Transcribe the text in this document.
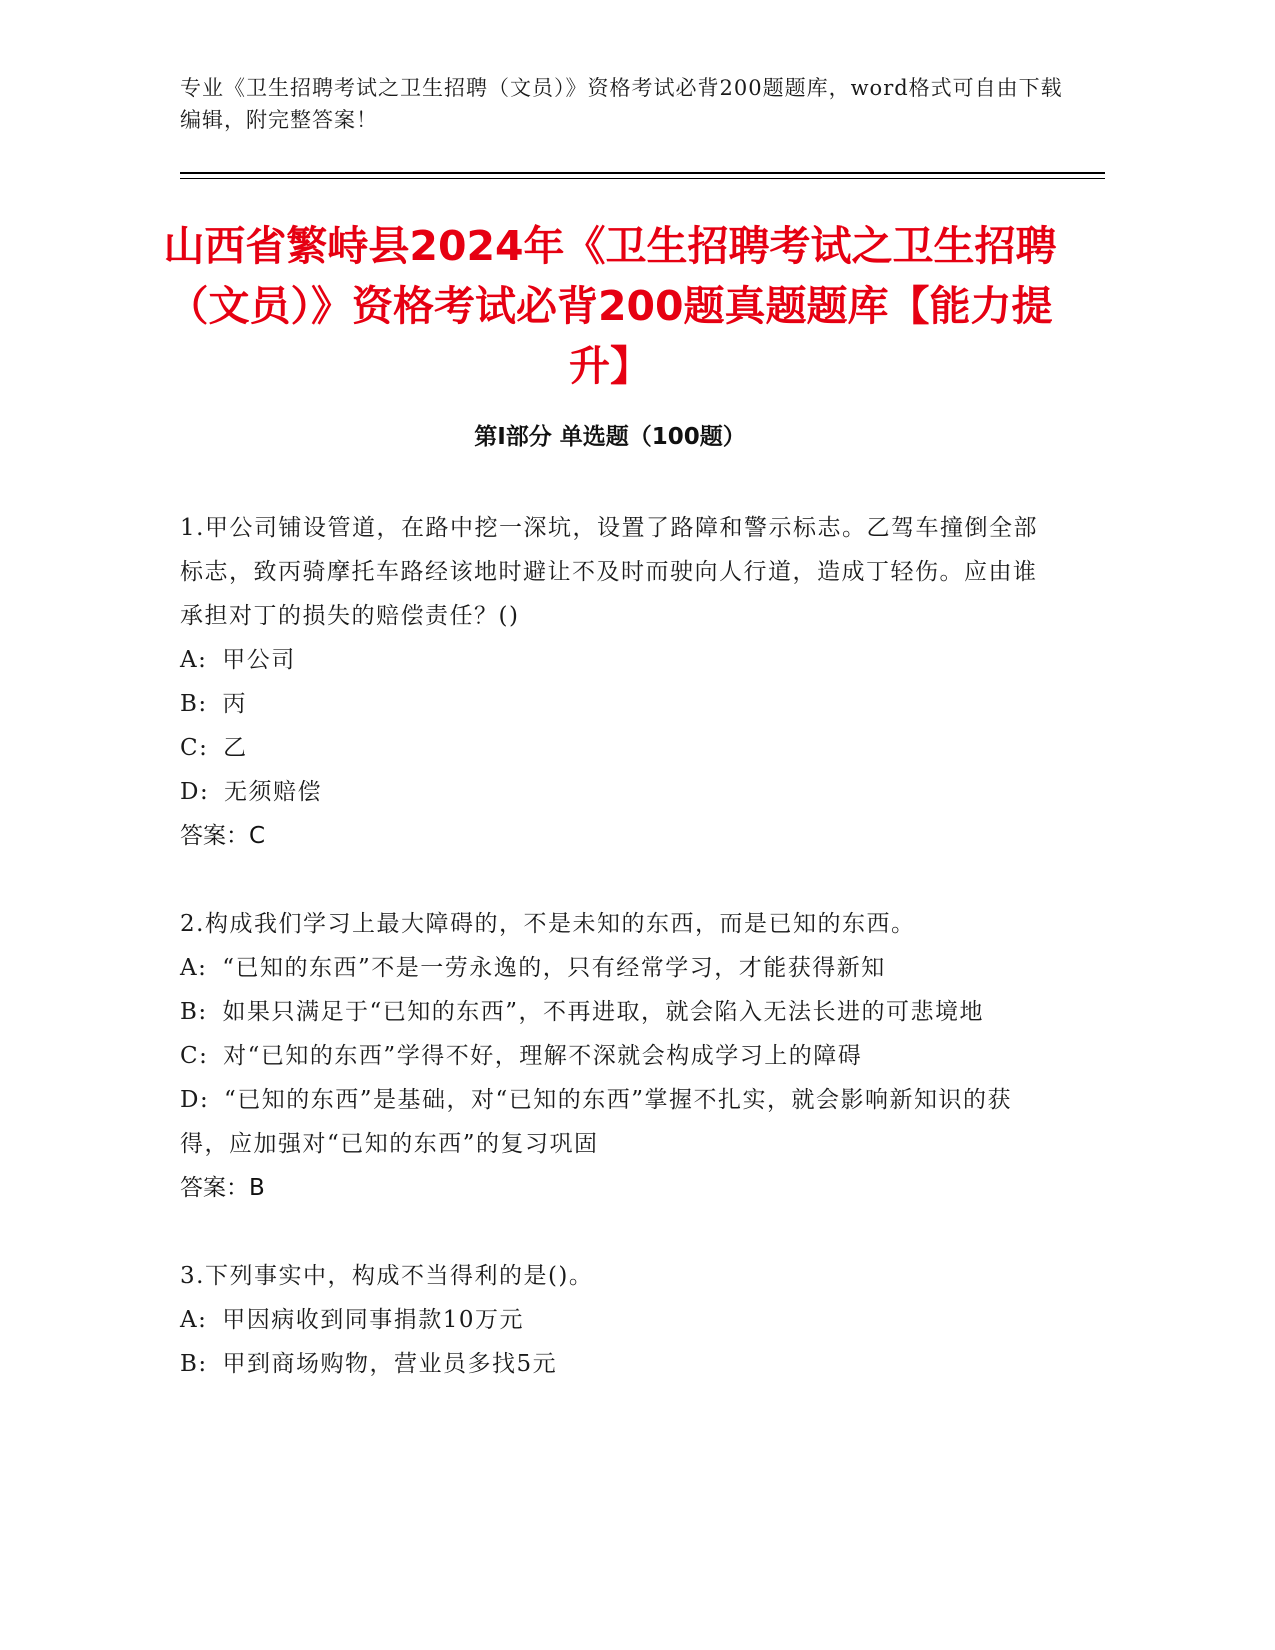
专业《卫生招聘考试之卫生招聘（文员）》资格考试必背200题题库，word格式可自由下载编辑，附完整答案！
山西省繁峙县2024年《卫生招聘考试之卫生招聘（文员）》资格考试必背200题真题题库【能力提升】
第I部分 单选题（100题）

1.甲公司铺设管道，在路中挖一深坑，设置了路障和警示标志。乙驾车撞倒全部标志，致丙骑摩托车路经该地时避让不及时而驶向人行道，造成丁轻伤。应由谁承担对丁的损失的赔偿责任？()

A: 甲公司
B: 丙
C: 乙
D: 无须赔偿
答案：C

2.构成我们学习上最大障碍的，不是未知的东西，而是已知的东西。

A: “已知的东西”不是一劳永逸的，只有经常学习，才能获得新知
B: 如果只满足于“已知的东西”，不再进取，就会陷入无法长进的可悲境地
C: 对“已知的东西”学得不好，理解不深就会构成学习上的障碍
D: “已知的东西”是基础，对“已知的东西”掌握不扎实，就会影响新知识的获得，应加强对“已知的东西”的复习巩固
答案：B

3.下列事实中，构成不当得利的是()。

A: 甲因病收到同事捐款10万元
B: 甲到商场购物，营业员多找5元
